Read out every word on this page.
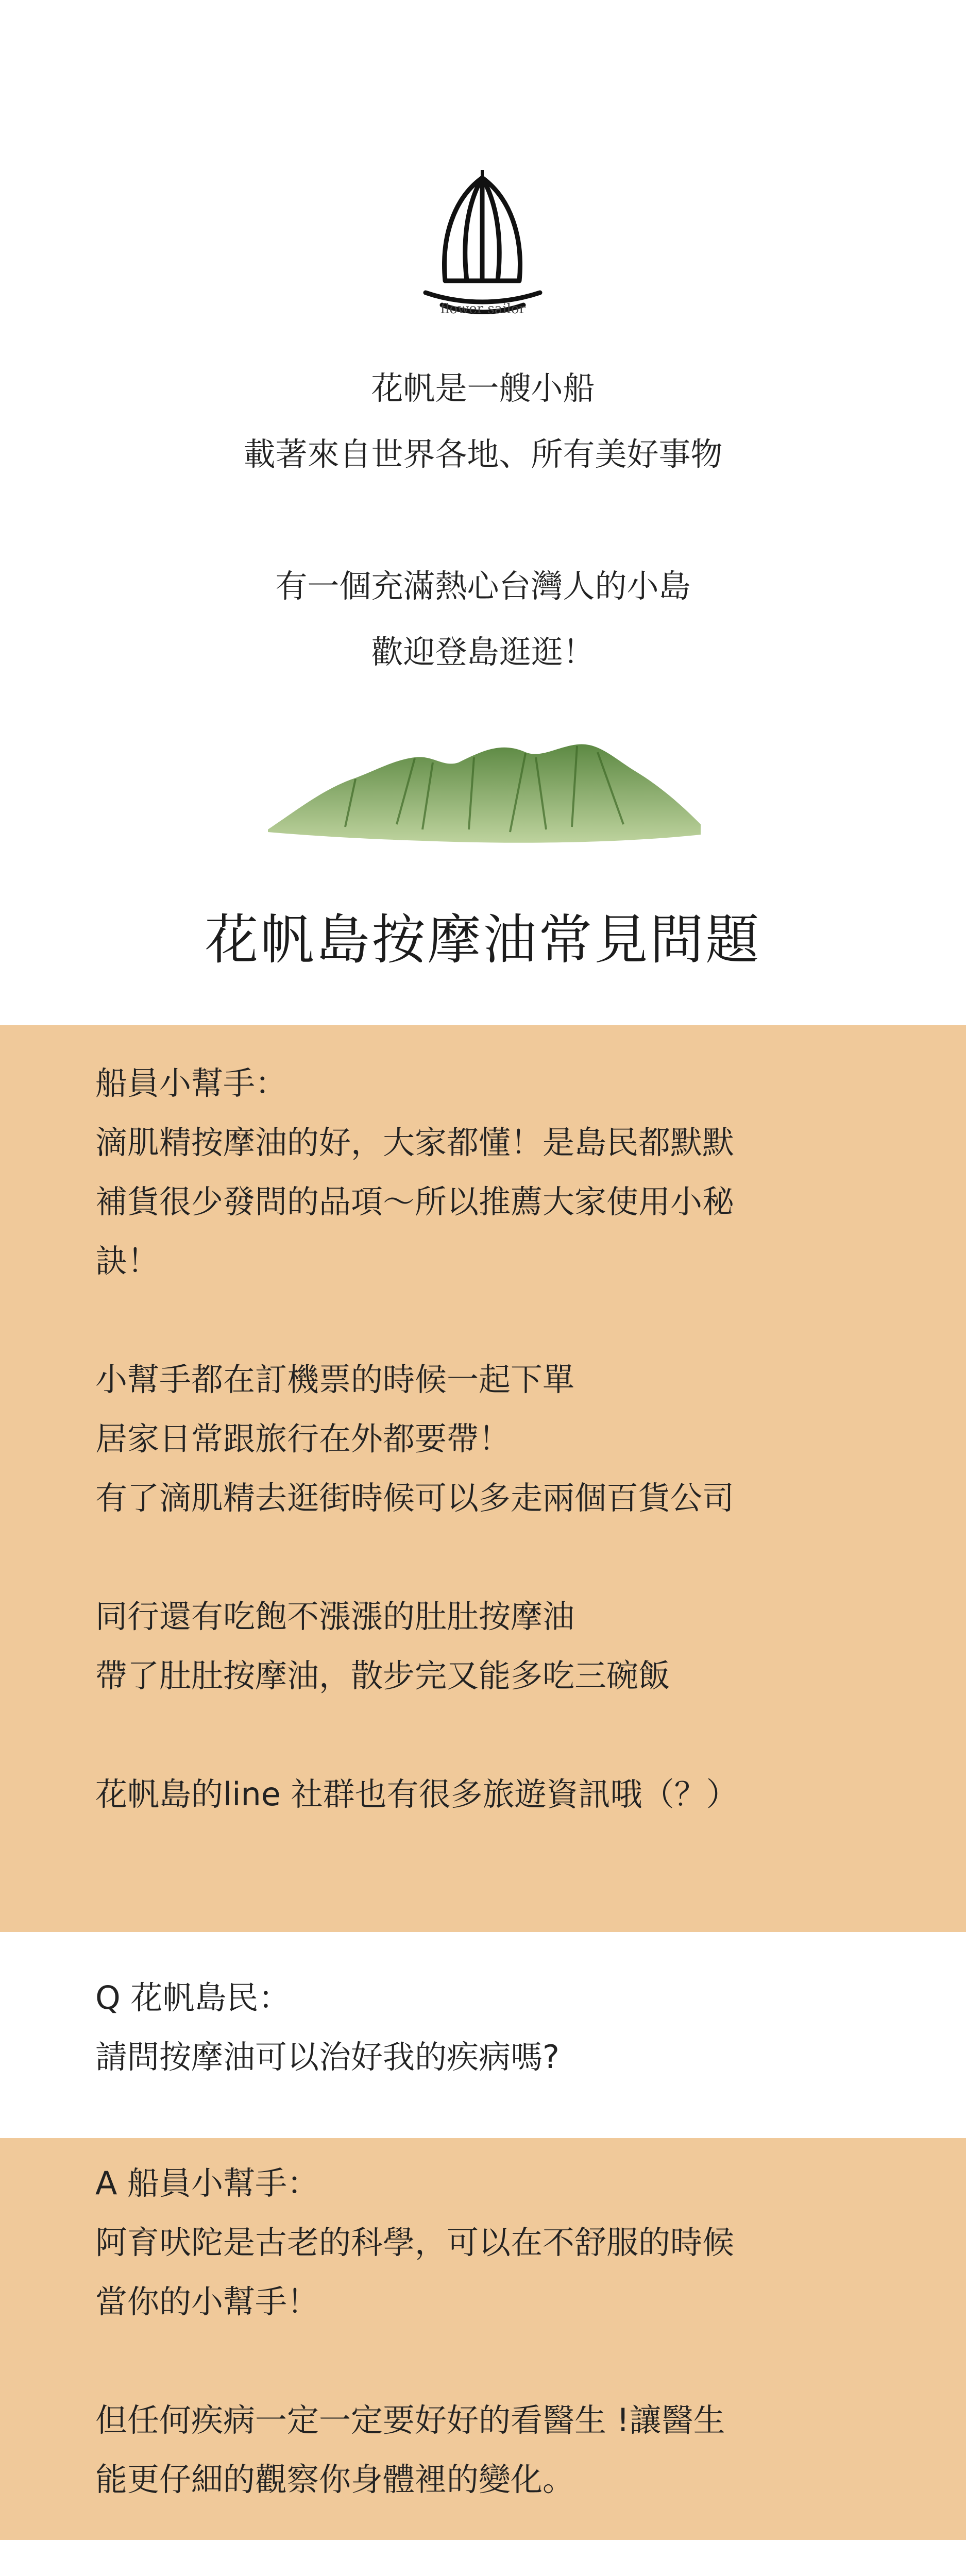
flower sailor
花帆是一艘小船
載著來自世界各地、所有美好事物
有一個充滿熱心台灣人的小島
歡迎登島逛逛！
花帆島按摩油常見問題
船員小幫手：
滴肌精按摩油的好，大家都懂！是島民都默默
補貨很少發問的品項～所以推薦大家使用小秘
訣！
小幫手都在訂機票的時候一起下單
居家日常跟旅行在外都要帶！
有了滴肌精去逛街時候可以多走兩個百貨公司
同行還有吃飽不漲漲的肚肚按摩油
帶了肚肚按摩油，散步完又能多吃三碗飯
花帆島的line 社群也有很多旅遊資訊哦（？）
Q 花帆島民：
請問按摩油可以治好我的疾病嗎?
A 船員小幫手：
阿育吠陀是古老的科學，可以在不舒服的時候
當你的小幫手！
但任何疾病一定一定要好好的看醫生 !讓醫生
能更仔細的觀察你身體裡的變化。
